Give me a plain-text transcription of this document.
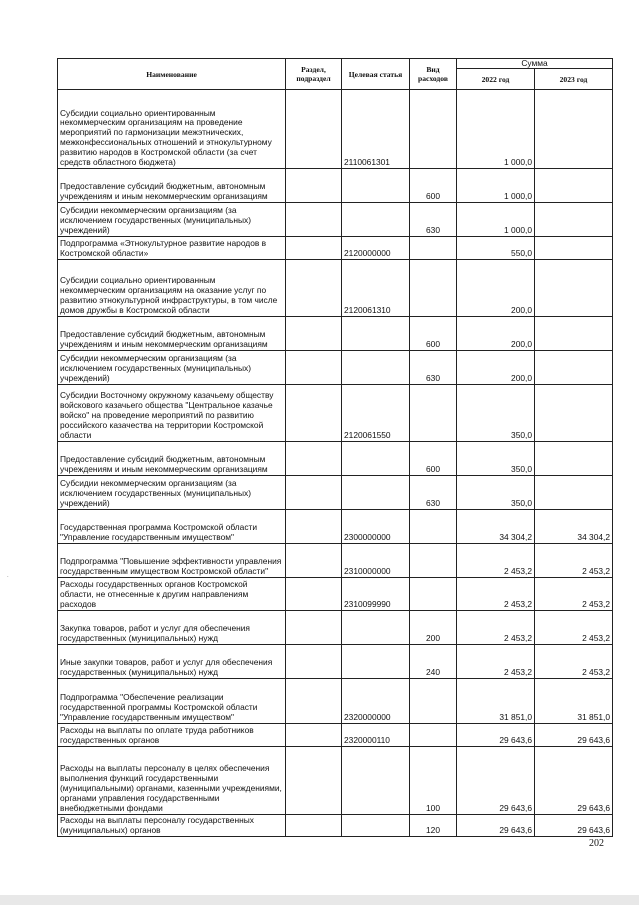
Наименование	Раздел, подраздел	Целевая статья	Вид расходов	Сумма	
				2022 год	2023 год
Субсидии социально ориентированным некоммерческим организациям на проведение мероприятий по гармонизации межэтнических, межконфессиональных отношений и этнокультурному развитию народов в Костромской области (за счет средств областного бюджета)		2110061301		1 000,0	
Предоставление субсидий бюджетным, автономным учреждениям и иным некоммерческим организациям			600	1 000,0	
Субсидии некоммерческим организациям (за исключением государственных (муниципальных) учреждений)			630	1 000,0	
Подпрограмма «Этнокультурное развитие народов в Костромской области»		2120000000		550,0	
Субсидии социально ориентированным некоммерческим организациям на оказание услуг по развитию этнокультурной инфраструктуры, в том числе домов дружбы в Костромской области		2120061310		200,0	
Предоставление субсидий бюджетным, автономным учреждениям и иным некоммерческим организациям			600	200,0	
Субсидии некоммерческим организациям (за исключением государственных (муниципальных) учреждений)			630	200,0	
Субсидии Восточному окружному казачьему обществу войскового казачьего общества "Центральное казачье войско" на проведение мероприятий по развитию российского казачества на территории Костромской области		2120061550		350,0	
Предоставление субсидий бюджетным, автономным учреждениям и иным некоммерческим организациям			600	350,0	
Субсидии некоммерческим организациям (за исключением государственных (муниципальных) учреждений)			630	350,0	
Государственная программа Костромской области "Управление государственным имуществом"		2300000000		34 304,2	34 304,2
Подпрограмма "Повышение эффективности управления государственным имуществом Костромской области"		2310000000		2 453,2	2 453,2
Расходы государственных органов Костромской области, не отнесенные к другим направлениям расходов		2310099990		2 453,2	2 453,2
Закупка товаров, работ и услуг для обеспечения государственных (муниципальных) нужд			200	2 453,2	2 453,2
Иные закупки товаров, работ и услуг для обеспечения государственных (муниципальных) нужд			240	2 453,2	2 453,2
Подпрограмма "Обеспечение реализации государственной программы Костромской области "Управление государственным имуществом"		2320000000		31 851,0	31 851,0
Расходы на выплаты по оплате труда работников государственных органов		2320000110		29 643,6	29 643,6
Расходы на выплаты персоналу в целях обеспечения выполнения функций государственными (муниципальными) органами, казенными учреждениями, органами управления государственными внебюджетными фондами			100	29 643,6	29 643,6
Расходы на выплаты персоналу государственных (муниципальных) органов			120	29 643,6	29 643,6
202
.
